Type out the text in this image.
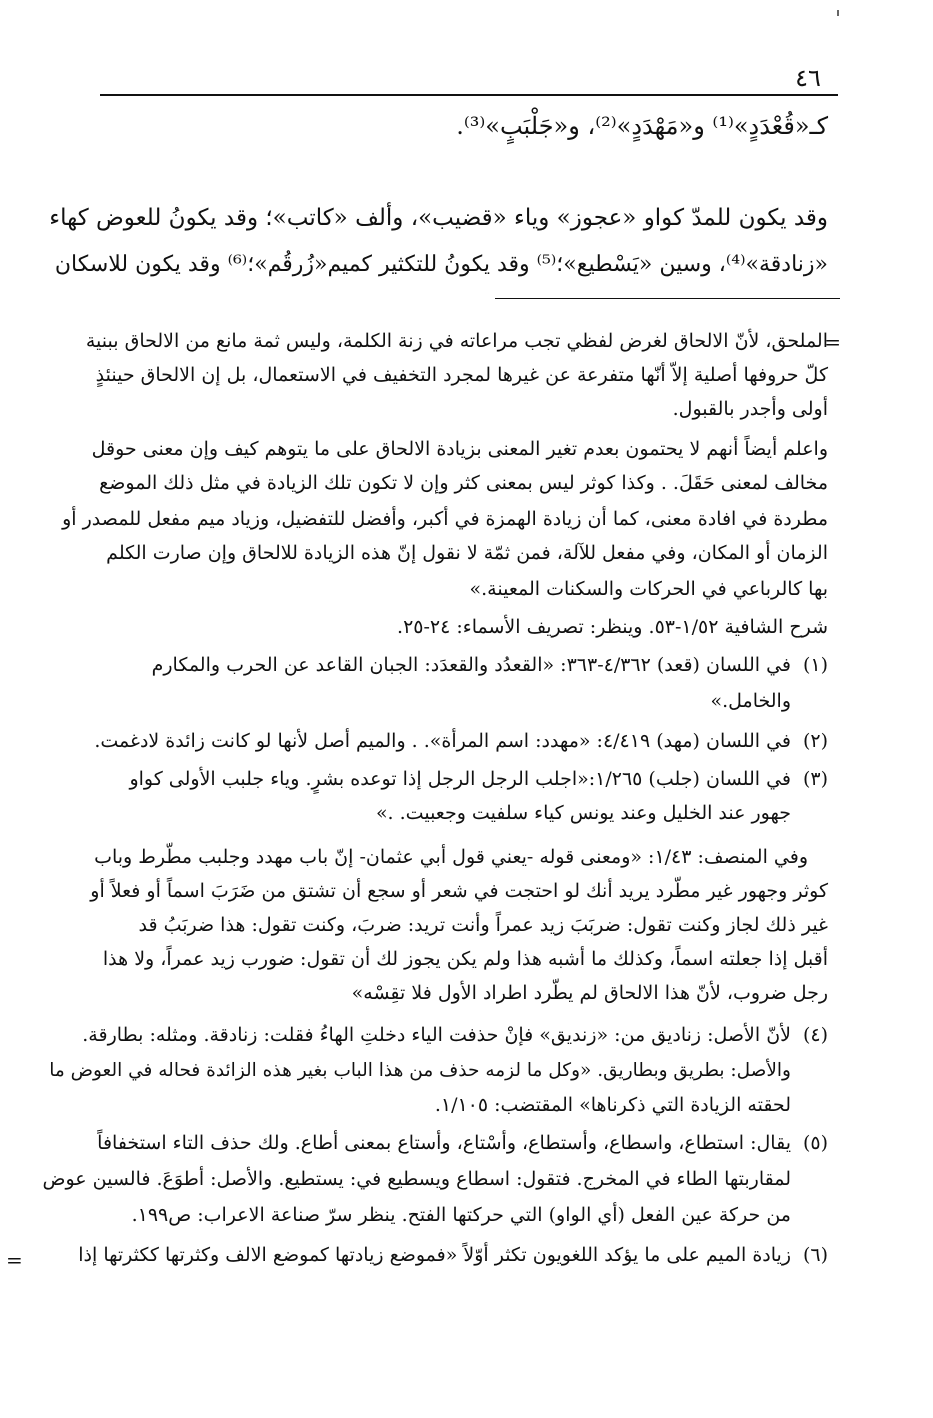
٤٦
كـ«قُعْدَدٍ»⁽¹⁾ و«مَهْدَدٍ»⁽²⁾، و«جَلْبَبٍ»⁽³⁾.
وقد يكون للمدّ كواو «عجوز» وياء «قضيب»، وألف «كاتب»؛ وقد يكونُ للعوض كهاء
«زنادقة»⁽⁴⁾، وسين «يَسْطيع»؛⁽⁵⁾ وقد يكونُ للتكثير كميم«زُرقُم»؛⁽⁶⁾ وقد يكون للاسكان
=
=
الملحق، لأنّ الالحاق لغرض لفظي تجب مراعاته في زنة الكلمة، وليس ثمة مانع من الالحاق ببنية
كلّ حروفها أصلية إلاّ أنّها متفرعة عن غيرها لمجرد التخفيف في الاستعمال، بل إن الالحاق حينئذٍ
أولى وأجدر بالقبول.
واعلم أيضاً أنهم لا يحتمون بعدم تغير المعنى بزيادة الالحاق على ما يتوهم كيف وإن معنى حوقل
مخالف لمعنى حَقَلَ. . وكذا كوثر ليس بمعنى كثر وإن لا تكون تلك الزيادة في مثل ذلك الموضع
مطردة في افادة معنى، كما أن زيادة الهمزة في أكبر، وأفضل للتفضيل، وزياد ميم مفعل للمصدر أو
الزمان أو المكان، وفي مفعل للآلة، فمن ثمّة لا نقول إنّ هذه الزيادة للالحاق وإن صارت الكلم
بها كالرباعي في الحركات والسكنات المعينة.»
شرح الشافية ١/٥٢-٥٣. وينظر: تصريف الأسماء: ٢٤-٢٥.
(١)
في اللسان (قعد) ٤/٣٦٢-٣٦٣: «القعدُد والقعدَد: الجبان القاعد عن الحرب والمكارم
والخامل.»
(٢)
في اللسان (مهد) ٤/٤١٩: «مهدد: اسم المرأة». . والميم أصل لأنها لو كانت زائدة لادغمت.
(٣)
في اللسان (جلب) ١/٢٦٥:«اجلب الرجل الرجل إذا توعده بشرٍ. وياء جلبب الأولى كواو
جهور عند الخليل وعند يونس كياء سلفيت وجعبيت. .»
وفي المنصف: ١/٤٣: «ومعنى قوله -يعني قول أبي عثمان- إنّ باب مهدد وجلبب مطّرط وباب
كوثر وجهور غير مطّرد يريد أنك لو احتجت في شعر أو سجع أن تشتق من ضَرَبَ اسماً أو فعلاً أو
غير ذلك لجاز وكنت تقول: ضربَبَ زيد عمراً وأنت تريد: ضربَ، وكنت تقول: هذا ضربَبُ قد
أقبل إذا جعلته اسماً، وكذلك ما أشبه هذا ولم يكن يجوز لك أن تقول: ضورب زيد عمراً، ولا هذا
رجل ضروب، لأنّ هذا الالحاق لم يطّرد اطراد الأول فلا تقِسْه»
(٤)
لأنّ الأصل: زناديق من: «زنديق» فإنْ حذفت الياء دخلتِ الهاءُ فقلت: زنادقة. ومثله: بطارقة.
والأصل: بطريق وبطاريق. «وكل ما لزمه حذف من هذا الباب بغير هذه الزائدة فحاله في العوض ما
لحقته الزيادة التي ذكرناها» المقتضب: ١/١٠٥.
(٥)
يقال: استطاع، واسطاع، وأستطاع، وأسْتاع، وأستاع بمعنى أطاع. ولك حذف التاء استخفافاً
لمقاربتها الطاء في المخرج. فتقول: اسطاع ويسطيع في: يستطيع. والأصل: أطوَعَ. فالسين عوض
من حركة عين الفعل (أي الواو) التي حركتها الفتح. ينظر سرّ صناعة الاعراب: ص١٩٩.
(٦)
زيادة الميم على ما يؤكد اللغويون تكثر أوّلاً «فموضع زيادتها كموضع الالف وكثرتها ككثرتها إذا
